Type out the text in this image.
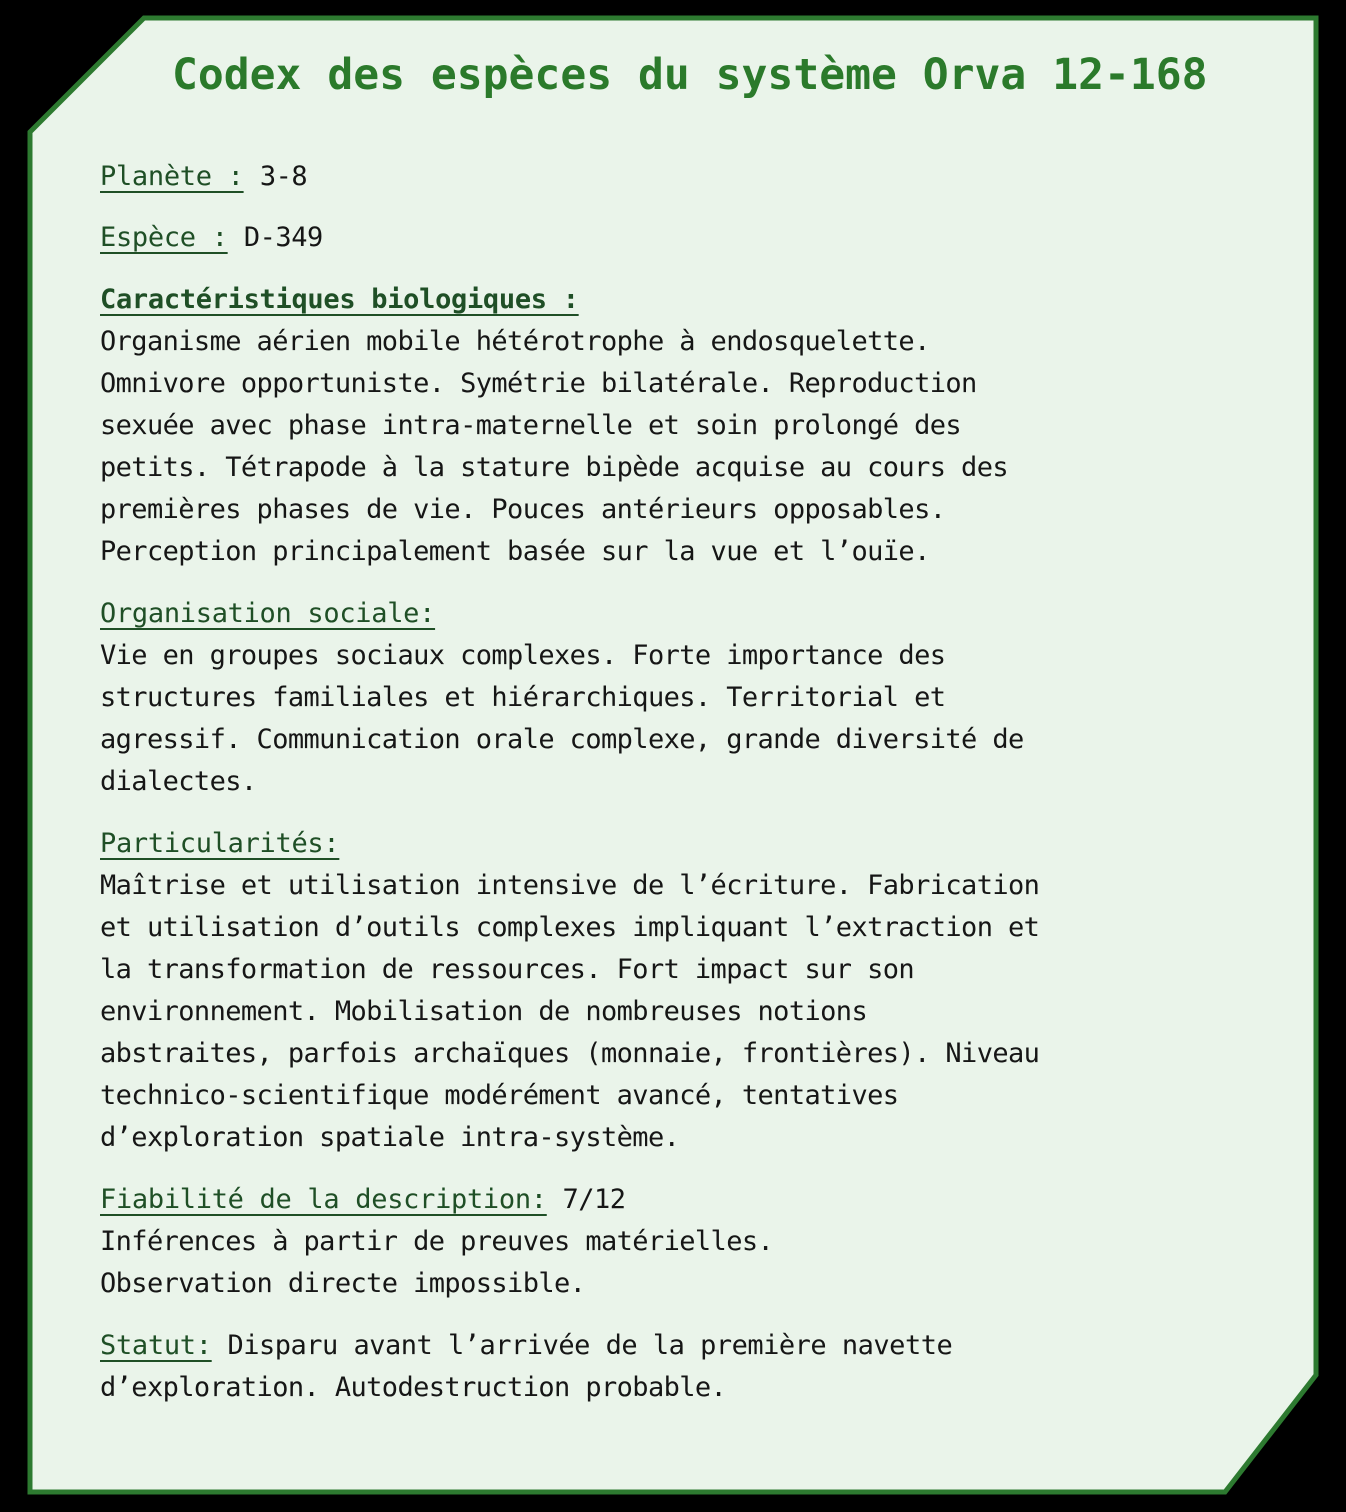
Codex des espèces du système Orva 12-168
Planète : 3-8
Espèce : D-349
Caractéristiques biologiques :
Organisme aérien mobile hétérotrophe à endosquelette.
Omnivore opportuniste. Symétrie bilatérale. Reproduction
sexuée avec phase intra-maternelle et soin prolongé des
petits. Tétrapode à la stature bipède acquise au cours des
premières phases de vie. Pouces antérieurs opposables.
Perception principalement basée sur la vue et l’ouïe.
Organisation sociale:
Vie en groupes sociaux complexes. Forte importance des
structures familiales et hiérarchiques. Territorial et
agressif. Communication orale complexe, grande diversité de
dialectes.
Particularités:
Maîtrise et utilisation intensive de l’écriture. Fabrication
et utilisation d’outils complexes impliquant l’extraction et
la transformation de ressources. Fort impact sur son
environnement. Mobilisation de nombreuses notions
abstraites, parfois archaïques (monnaie, frontières). Niveau
technico-scientifique modérément avancé, tentatives
d’exploration spatiale intra-système.
Fiabilité de la description: 7/12
Inférences à partir de preuves matérielles.
Observation directe impossible.
Statut: Disparu avant l’arrivée de la première navette
d’exploration. Autodestruction probable.
